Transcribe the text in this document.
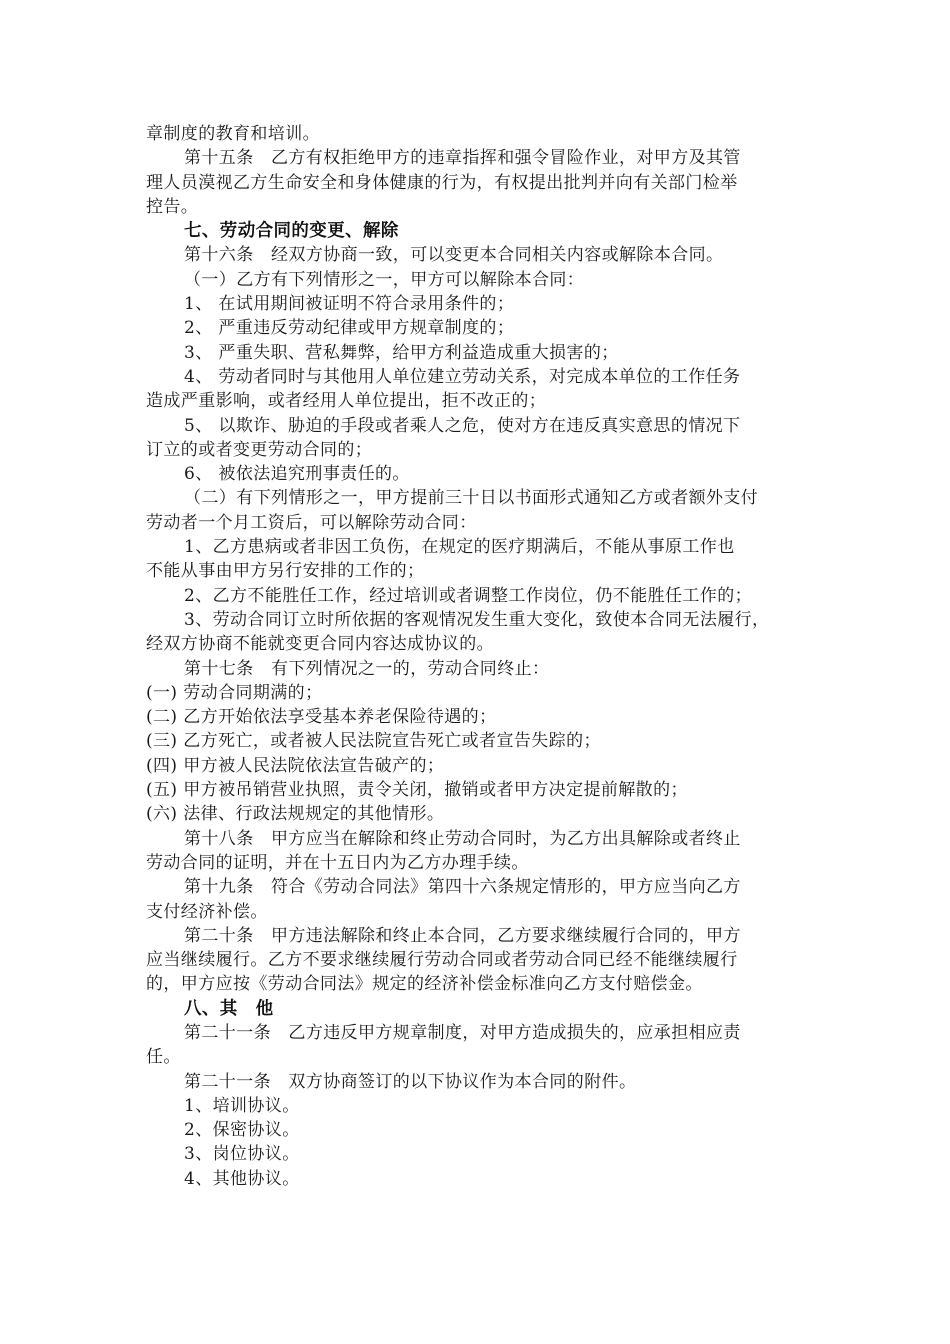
章制度的教育和培训。
第十五条　乙方有权拒绝甲方的违章指挥和强令冒险作业，对甲方及其管
理人员漠视乙方生命安全和身体健康的行为，有权提出批判并向有关部门检举
控告。
七、劳动合同的变更、解除
第十六条　经双方协商一致，可以变更本合同相关内容或解除本合同。
（一）乙方有下列情形之一，甲方可以解除本合同：
1、 在试用期间被证明不符合录用条件的；
2、 严重违反劳动纪律或甲方规章制度的；
3、 严重失职、营私舞弊，给甲方利益造成重大损害的；
4、 劳动者同时与其他用人单位建立劳动关系，对完成本单位的工作任务
造成严重影响，或者经用人单位提出，拒不改正的；
5、 以欺诈、胁迫的手段或者乘人之危，使对方在违反真实意思的情况下
订立的或者变更劳动合同的；
6、 被依法追究刑事责任的。
（二）有下列情形之一，甲方提前三十日以书面形式通知乙方或者额外支付
劳动者一个月工资后，可以解除劳动合同：
1、乙方患病或者非因工负伤，在规定的医疗期满后，不能从事原工作也
不能从事由甲方另行安排的工作的；
2、乙方不能胜任工作，经过培训或者调整工作岗位，仍不能胜任工作的；
3、劳动合同订立时所依据的客观情况发生重大变化，致使本合同无法履行，
经双方协商不能就变更合同内容达成协议的。
第十七条　有下列情况之一的，劳动合同终止：
(一) 劳动合同期满的；
(二) 乙方开始依法享受基本养老保险待遇的；
(三) 乙方死亡，或者被人民法院宣告死亡或者宣告失踪的；
(四) 甲方被人民法院依法宣告破产的；
(五) 甲方被吊销营业执照，责令关闭，撤销或者甲方决定提前解散的；
(六) 法律、行政法规规定的其他情形。
第十八条　甲方应当在解除和终止劳动合同时，为乙方出具解除或者终止
劳动合同的证明，并在十五日内为乙方办理手续。
第十九条　符合《劳动合同法》第四十六条规定情形的，甲方应当向乙方
支付经济补偿。
第二十条　甲方违法解除和终止本合同，乙方要求继续履行合同的，甲方
应当继续履行。乙方不要求继续履行劳动合同或者劳动合同已经不能继续履行
的，甲方应按《劳动合同法》规定的经济补偿金标准向乙方支付赔偿金。
八、其　他
第二十一条　乙方违反甲方规章制度，对甲方造成损失的，应承担相应责
任。
第二十一条　双方协商签订的以下协议作为本合同的附件。
1、培训协议。
2、保密协议。
3、岗位协议。
4、其他协议。
